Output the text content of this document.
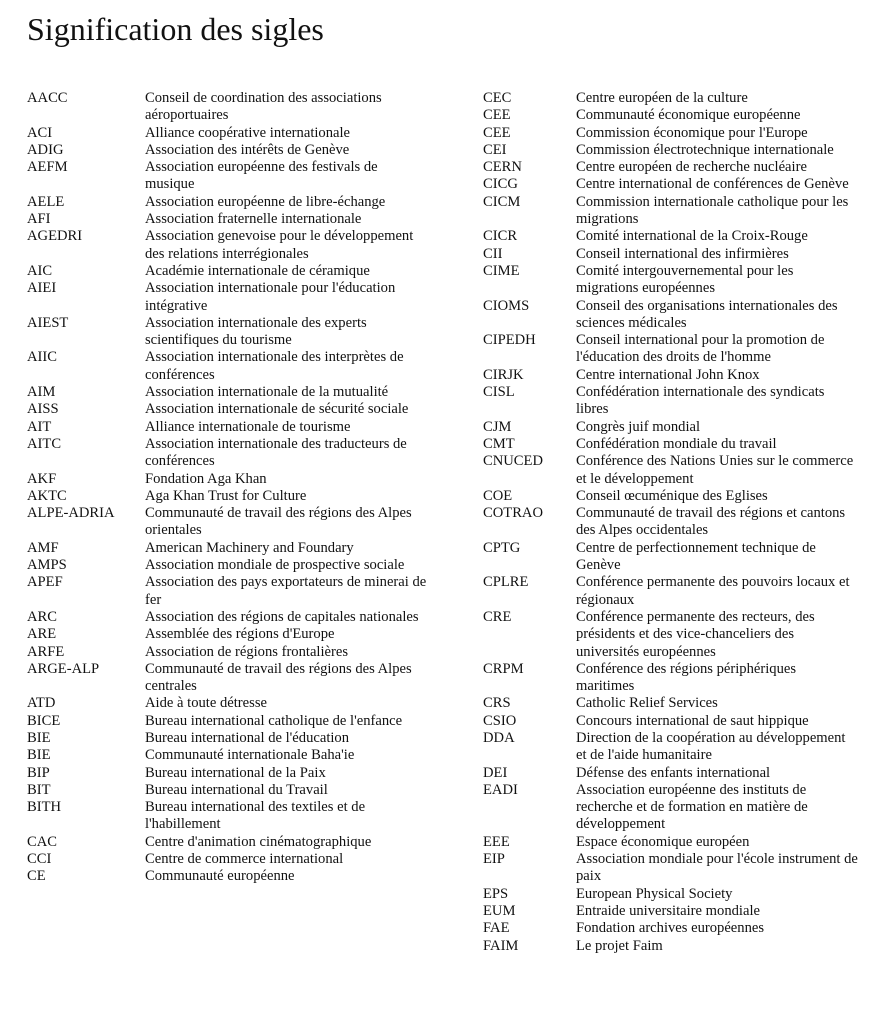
Signification des sigles
AACC	Conseil de coordination des associations aéroportuaires
ACI	Alliance coopérative internationale
ADIG	Association des intérêts de Genève
AEFM	Association européenne des festivals de musique
AELE	Association européenne de libre-échange
AFI	Association fraternelle internationale
AGEDRI	Association genevoise pour le développement des relations interrégionales
AIC	Académie internationale de céramique
AIEI	Association internationale pour l'éducation intégrative
AIEST	Association internationale des experts scientifiques du tourisme
AIIC	Association internationale des interprètes de conférences
AIM	Association internationale de la mutualité
AISS	Association internationale de sécurité sociale
AIT	Alliance internationale de tourisme
AITC	Association internationale des traducteurs de conférences
AKF	Fondation Aga Khan
AKTC	Aga Khan Trust for Culture
ALPE-ADRIA	Communauté de travail des régions des Alpes orientales
AMF	American Machinery and Foundary
AMPS	Association mondiale de prospective sociale
APEF	Association des pays exportateurs de minerai de fer
ARC	Association des régions de capitales nationales
ARE	Assemblée des régions d'Europe
ARFE	Association de régions frontalières
ARGE-ALP	Communauté de travail des régions des Alpes centrales
ATD	Aide à toute détresse
BICE	Bureau international catholique de l'enfance
BIE	Bureau international de l'éducation
BIE	Communauté internationale Baha'ie
BIP	Bureau international de la Paix
BIT	Bureau international du Travail
BITH	Bureau international des textiles et de l'habillement
CAC	Centre d'animation cinématographique
CCI	Centre de commerce international
CE	Communauté européenne
CEC	Centre européen de la culture
CEE	Communauté économique européenne
CEE	Commission économique pour l'Europe
CEI	Commission électrotechnique internationale
CERN	Centre européen de recherche nucléaire
CICG	Centre international de conférences de Genève
CICM	Commission internationale catholique pour les migrations
CICR	Comité international de la Croix-Rouge
CII	Conseil international des infirmières
CIME	Comité intergouvernemental pour les migrations européennes
CIOMS	Conseil des organisations internationales des sciences médicales
CIPEDH	Conseil international pour la promotion de l'éducation des droits de l'homme
CIRJK	Centre international John Knox
CISL	Confédération internationale des syndicats libres
CJM	Congrès juif mondial
CMT	Confédération mondiale du travail
CNUCED	Conférence des Nations Unies sur le commerce et le développement
COE	Conseil œcuménique des Eglises
COTRAO	Communauté de travail des régions et cantons des Alpes occidentales
CPTG	Centre de perfectionnement technique de Genève
CPLRE	Conférence permanente des pouvoirs locaux et régionaux
CRE	Conférence permanente des recteurs, des présidents et des vice-chanceliers des universités européennes
CRPM	Conférence des régions périphériques maritimes
CRS	Catholic Relief Services
CSIO	Concours international de saut hippique
DDA	Direction de la coopération au développement et de l'aide humanitaire
DEI	Défense des enfants international
EADI	Association européenne des instituts de recherche et de formation en matière de développement
EEE	Espace économique européen
EIP	Association mondiale pour l'école instrument de paix
EPS	European Physical Society
EUM	Entraide universitaire mondiale
FAE	Fondation archives européennes
FAIM	Le projet Faim
